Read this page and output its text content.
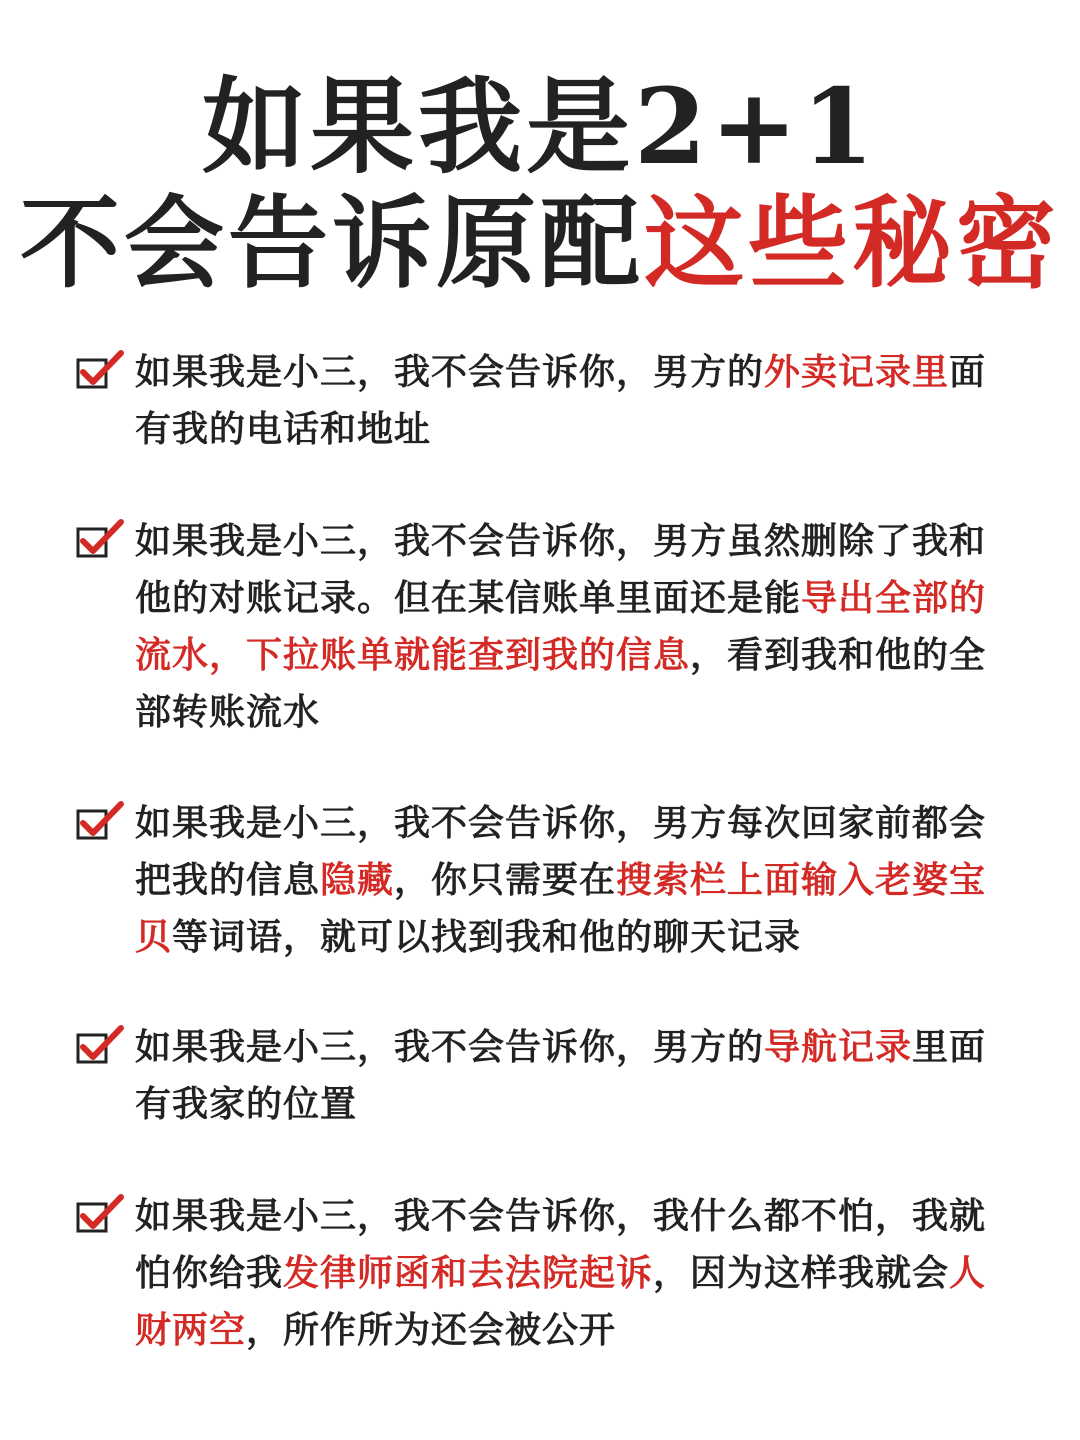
如果我是2+1
不会告诉原配这些秘密
如果我是小三，我不会告诉你，男方的外卖记录里面有我的电话和地址
如果我是小三，我不会告诉你，男方虽然删除了我和他的对账记录。但在某信账单里面还是能导出全部的流水，下拉账单就能查到我的信息，看到我和他的全部转账流水
如果我是小三，我不会告诉你，男方每次回家前都会把我的信息隐藏，你只需要在搜索栏上面输入老婆宝贝等词语，就可以找到我和他的聊天记录
如果我是小三，我不会告诉你，男方的导航记录里面有我家的位置
如果我是小三，我不会告诉你，我什么都不怕，我就怕你给我发律师函和去法院起诉，因为这样我就会人财两空，所作所为还会被公开
